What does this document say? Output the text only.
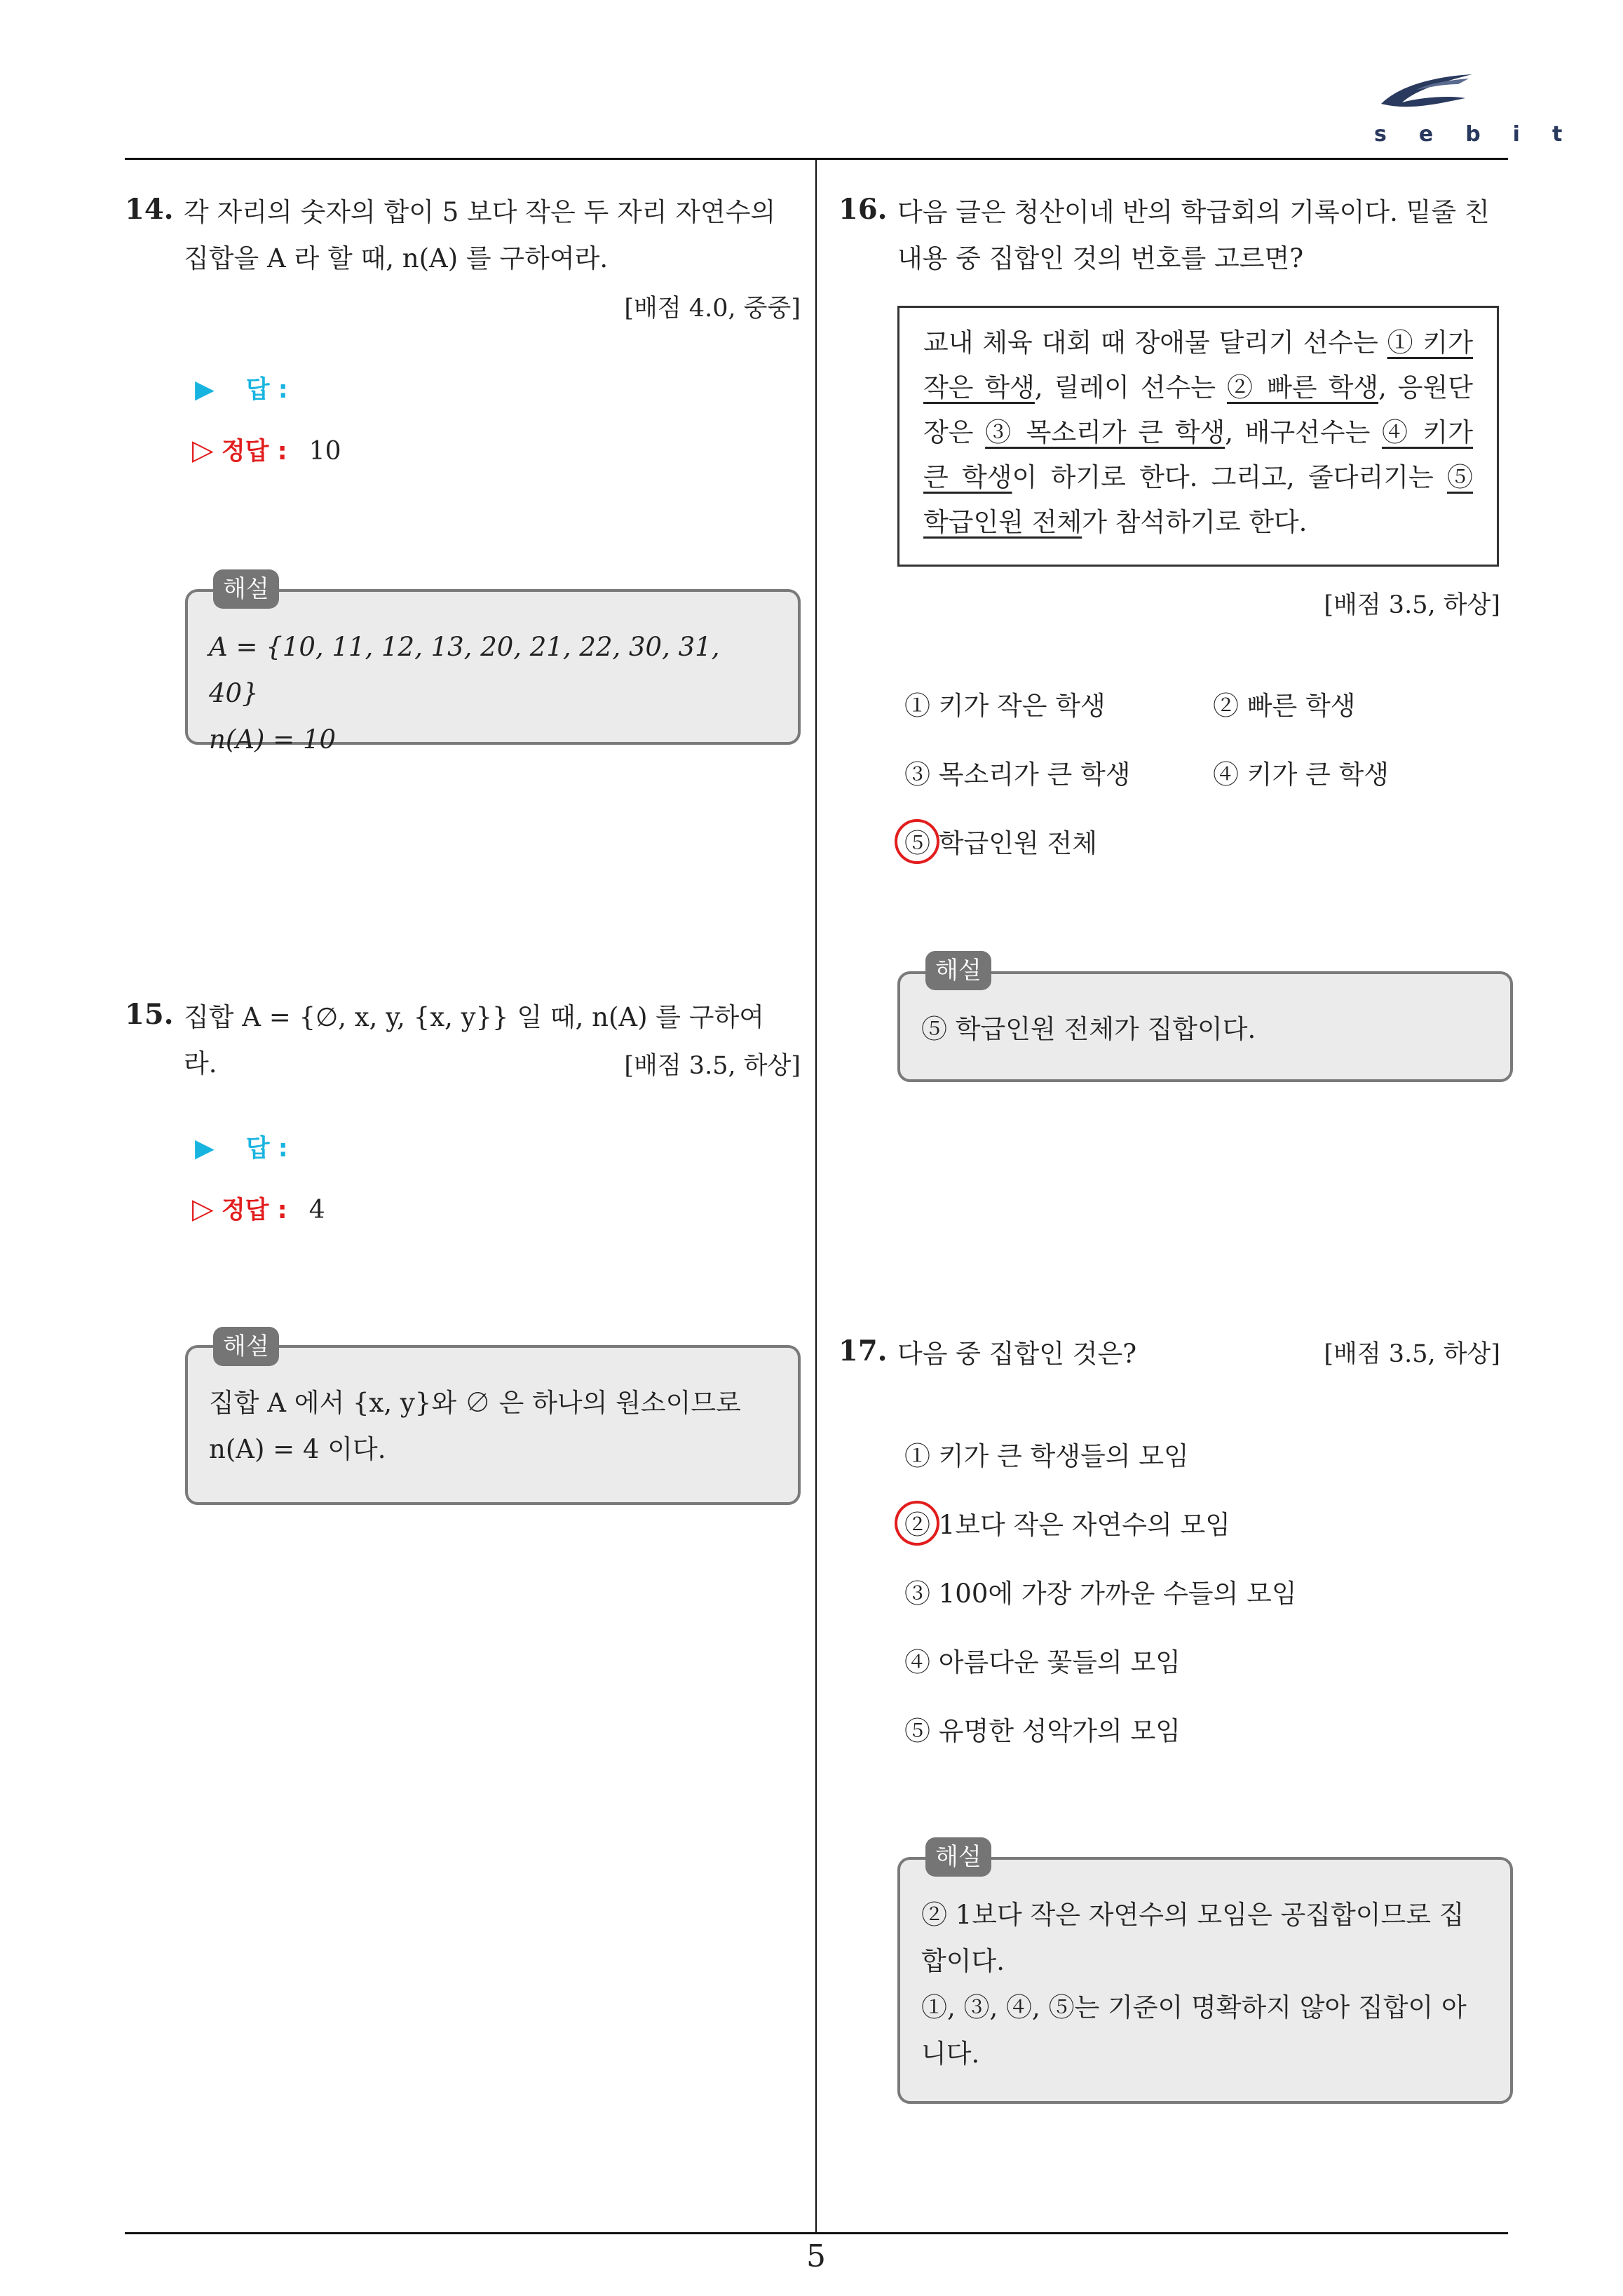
sebit
5
14. 각 자리의 숫자의 합이 5 보다 작은 두 자리 자연수의
집합을 A 라 할 때, n(A) 를 구하여라.
[배점 4.0, 중중]
▶ 답 :
▷ 정답 : 10
A = {10, 11, 12, 13, 20, 21, 22, 30, 31, 40}
n(A) = 10
해설
15. 집합 A = {∅, x, y, {x, y}} 일 때, n(A) 를 구하여
라.	[배점 3.5, 하상]
▶ 답 :
▷ 정답 : 4
집합 A 에서 {x, y}와 ∅ 은 하나의 원소이므로
n(A) = 4 이다.
해설
16. 다음 글은 청산이네 반의 학급회의 기록이다. 밑줄 친
내용 중 집합인 것의 번호를 고르면?
교내 체육 대회 때 장애물 달리기 선수는 ① 키가 작은 학생, 릴레이 선수는 ② 빠른 학생, 응원단장은 ③ 목소리가 큰 학생, 배구선수는 ④ 키가 큰 학생이 하기로 한다. 그리고, 줄다리기는 ⑤ 학급인원 전체가 참석하기로 한다.
[배점 3.5, 하상]
① 키가 작은 학생	② 빠른 학생
③ 목소리가 큰 학생	④ 키가 큰 학생
⑤ 학급인원 전체
⑤ 학급인원 전체가 집합이다.
해설
17. 다음 중 집합인 것은?	[배점 3.5, 하상]
① 키가 큰 학생들의 모임
② 1보다 작은 자연수의 모임
③ 100에 가장 가까운 수들의 모임
④ 아름다운 꽃들의 모임
⑤ 유명한 성악가의 모임
② 1보다 작은 자연수의 모임은 공집합이므로 집
합이다.
①, ③, ④, ⑤는 기준이 명확하지 않아 집합이 아
니다.
해설
